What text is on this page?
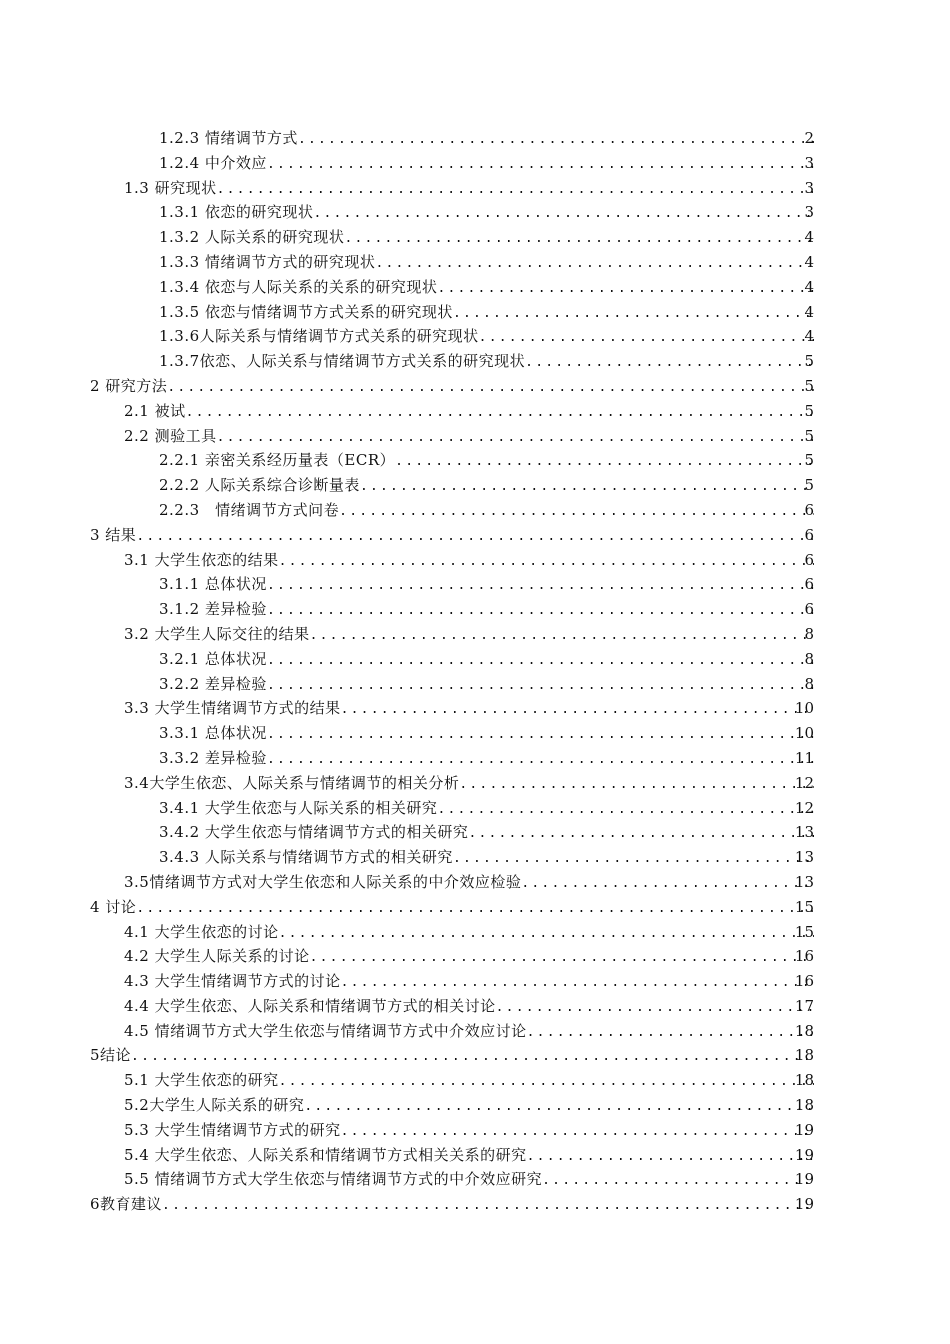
1.2.3 情绪调节方式 .....	2
1.2.4 中介效应 .....	3
1.3 研究现状 .....	3
1.3.1 依恋的研究现状 .....	3
1.3.2 人际关系的研究现状 .....	4
1.3.3 情绪调节方式的研究现状 .....	4
1.3.4 依恋与人际关系的关系的研究现状 .....	4
1.3.5 依恋与情绪调节方式关系的研究现状 .....	4
1.3.6人际关系与情绪调节方式关系的研究现状 .....	4
1.3.7依恋、人际关系与情绪调节方式关系的研究现状 .....	5
2 研究方法 .....	5
2.1 被试 .....	5
2.2 测验工具 .....	5
2.2.1 亲密关系经历量表（ECR） .....	5
2.2.2 人际关系综合诊断量表 .....	5
2.2.3　情绪调节方式问卷 .....	6
3 结果 .....	6
3.1 大学生依恋的结果 .....	6
3.1.1 总体状况 .....	6
3.1.2 差异检验 .....	6
3.2 大学生人际交往的结果 .....	8
3.2.1 总体状况 .....	8
3.2.2 差异检验 .....	8
3.3 大学生情绪调节方式的结果 .....	10
3.3.1 总体状况 .....	10
3.3.2 差异检验 .....	11
3.4大学生依恋、人际关系与情绪调节的相关分析 .....	12
3.4.1 大学生依恋与人际关系的相关研究 .....	12
3.4.2 大学生依恋与情绪调节方式的相关研究 .....	13
3.4.3 人际关系与情绪调节方式的相关研究 .....	13
3.5情绪调节方式对大学生依恋和人际关系的中介效应检验 .....	13
4 讨论 .....	15
4.1 大学生依恋的讨论 .....	15
4.2 大学生人际关系的讨论 .....	16
4.3 大学生情绪调节方式的讨论 .....	16
4.4 大学生依恋、人际关系和情绪调节方式的相关讨论 .....	17
4.5 情绪调节方式大学生依恋与情绪调节方式中介效应讨论 .....	18
5结论 .....	18
5.1 大学生依恋的研究 .....	18
5.2大学生人际关系的研究 .....	18
5.3 大学生情绪调节方式的研究 .....	19
5.4 大学生依恋、人际关系和情绪调节方式相关关系的研究 .....	19
5.5 情绪调节方式大学生依恋与情绪调节方式的中介效应研究 .....	19
6教育建议 .....	19
